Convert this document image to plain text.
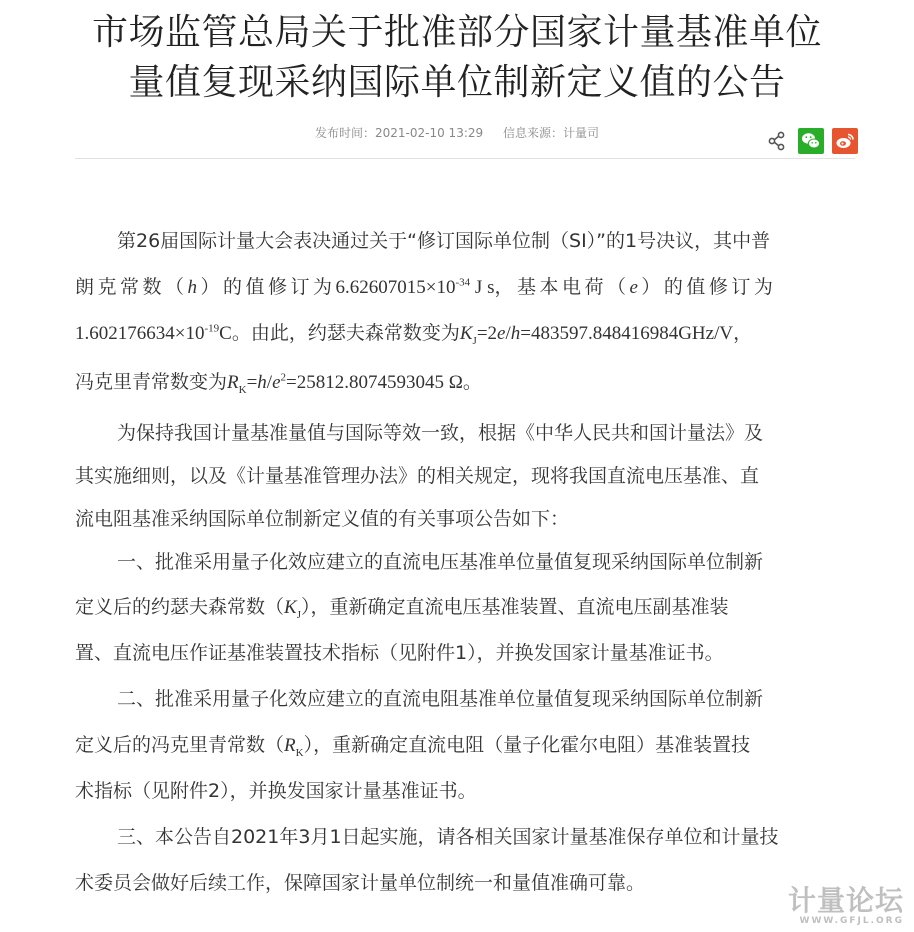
市场监管总局关于批准部分国家计量基准单位
量值复现采纳国际单位制新定义值的公告
发布时间：2021-02-10 13:29 信息来源：计量司

第26届国际计量大会表决通过关于“修订国际单位制（SI）”的1号决议，其中普

朗克常数（h）的值修订为$6.62607015\times 10^{-34}$ J s，基本电荷（e）的值修订为

$1.602176634\times 10^{-19}C$。由此，约瑟夫森常数变为$K_J=2e/h=483597.848416984GHz/V$，

冯克里青常数变为$R_K=h/e^2=25812.8074593045$ Ω。

为保持我国计量基准量值与国际等效一致，根据《中华人民共和国计量法》及

其实施细则，以及《计量基准管理办法》的相关规定，现将我国直流电压基准、直

流电阻基准采纳国际单位制新定义值的有关事项公告如下：

一、批准采用量子化效应建立的直流电压基准单位量值复现采纳国际单位制新

定义后的约瑟夫森常数$(K_J)$，重新确定直流电压基准装置、直流电压副基准装

置、直流电压作证基准装置技术指标（见附件1），并换发国家计量基准证书。

二、批准采用量子化效应建立的直流电阻基准单位量值复现采纳国际单位制新

定义后的冯克里青常数$(R_K)$，重新确定直流电阻（量子化霍尔电阻）基准装置技

术指标（见附件2），并换发国家计量基准证书。

三、本公告自2021年3月1日起实施，请各相关国家计量基准保存单位和计量技

术委员会做好后续工作，保障国家计量单位制统一和量值准确可靠。

计量论坛
WWW.GFJL.ORG
